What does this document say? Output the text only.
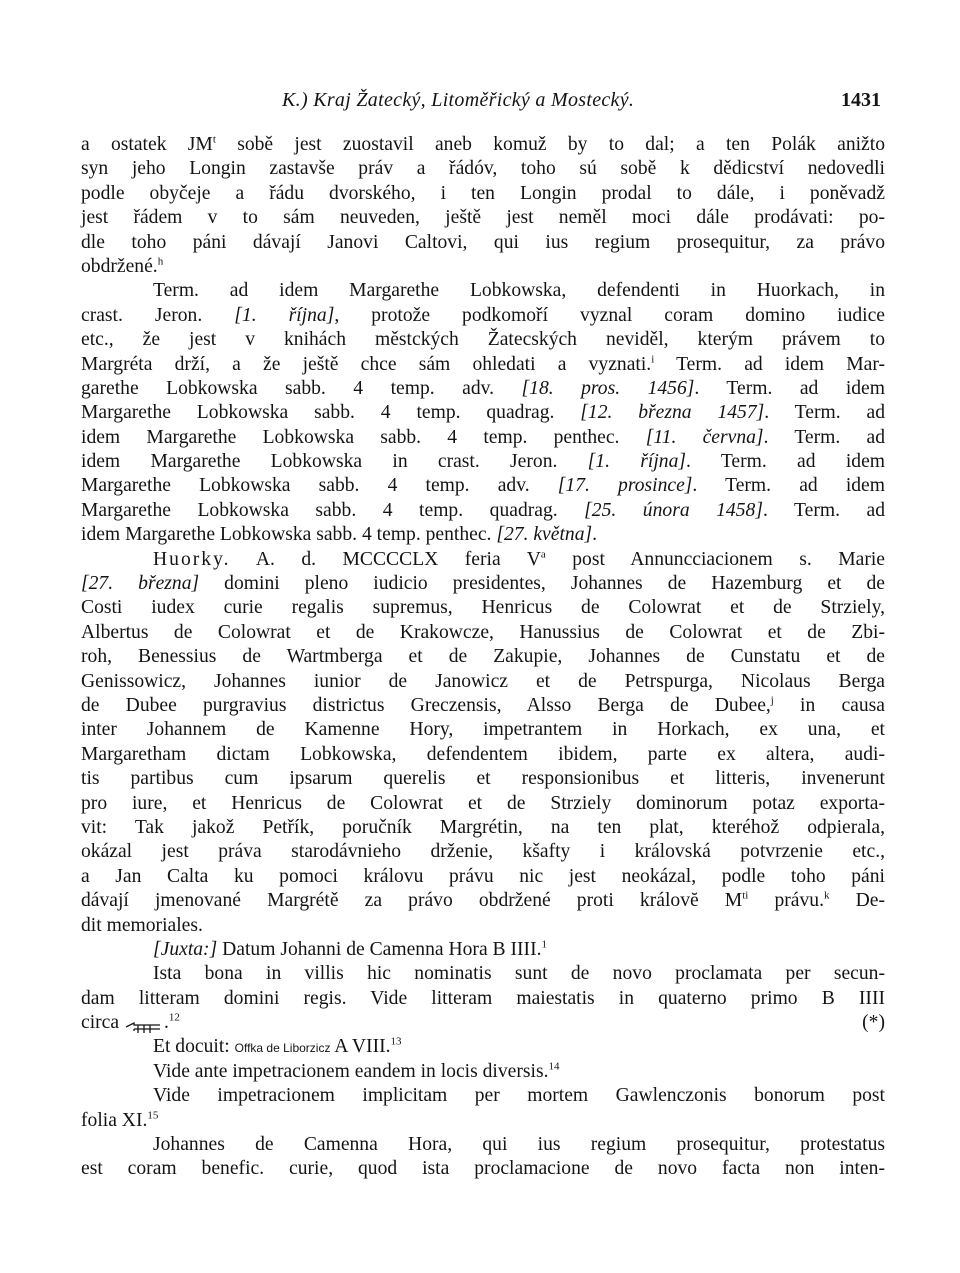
K.) Kraj Žatecký, Litoměřický a Mostecký.	1431
a ostatek $JM^t$ sobě jest zuostavil aneb komuž by to dal; a ten Polák anižto
syn jeho Longin zastavše práv a řádóv, toho sú sobě k dědicství nedovedli
podle obyčeje a řádu dvorského, i ten Longin prodal to dále, i poněvadž
jest řádem v to sám neuveden, ještě jest neměl moci dále prodávati: po-
dle toho páni dávají Janovi Caltovi, qui ius regium prosequitur, za právo
obdržené.$^h$
Term. ad idem Margarethe Lobkowska, defendenti in Huorkach, in
crast. Jeron. [1. října], protože podkomoří vyznal coram domino iudice
etc., že jest v knihách městckých Žatecských neviděl, kterým právem to
Margréta drží, a že ještě chce sám ohledati a vyznati.$^i$ Term. ad idem Mar-
garethe Lobkowska sabb. 4 temp. adv. [18. pros. 1456]. Term. ad idem
Margarethe Lobkowska sabb. 4 temp. quadrag. [12. března 1457]. Term. ad
idem Margarethe Lobkowska sabb. 4 temp. penthec. [11. června]. Term. ad
idem Margarethe Lobkowska in crast. Jeron. [1. října]. Term. ad idem
Margarethe Lobkowska sabb. 4 temp. adv. [17. prosince]. Term. ad idem
Margarethe Lobkowska sabb. 4 temp. quadrag. [25. února 1458]. Term. ad
idem Margarethe Lobkowska sabb. 4 temp. penthec. [27. května].
Huorky. A. d. MCCCCLX feria $V^a$ post Annuncciacionem s. Marie
[27. března] domini pleno iudicio presidentes, Johannes de Hazemburg et de
Costi iudex curie regalis supremus, Henricus de Colowrat et de Strziely,
Albertus de Colowrat et de Krakowcze, Hanussius de Colowrat et de Zbi-
roh, Benessius de Wartmberga et de Zakupie, Johannes de Cunstatu et de
Genissowicz, Johannes iunior de Janowicz et de Petrspurga, Nicolaus Berga
de Dubee purgravius districtus Greczensis, Alsso Berga de Dubee,$^j$ in causa
inter Johannem de Kamenne Hory, impetrantem in Horkach, ex una, et
Margaretham dictam Lobkowska, defendentem ibidem, parte ex altera, audi-
tis partibus cum ipsarum querelis et responsionibus et litteris, invenerunt
pro iure, et Henricus de Colowrat et de Strziely dominorum potaz exporta-
vit: Tak jakož Petřík, poručník Margrétin, na ten plat, kteréhož odpierala,
okázal jest práva starodávnieho drženie, kšafty i královská potvrzenie etc.,
a Jan Calta ku pomoci královu právu nic jest neokázal, podle toho páni
dávají jmenované Margrétě za právo obdržené proti královĕ $M^{ti}$ právu.$^k$ De-
dit memoriales.
[Juxta:] Datum Johanni de Camenna Hora B IIII.$^1$
Ista bona in villis hic nominatis sunt de novo proclamata per secun-
dam litteram domini regis. Vide litteram maiestatis in quaterno primo B IIII
circa .$^{12}$	(*)
Et docuit: Offka de Liborzicz A VIII.$^{13}$
Vide ante impetracionem eandem in locis diversis.$^{14}$
Vide impetracionem implicitam per mortem Gawlenczonis bonorum post
folia XI.$^{15}$
Johannes de Camenna Hora, qui ius regium prosequitur, protestatus
est coram benefic. curie, quod ista proclamacione de novo facta non inten-
